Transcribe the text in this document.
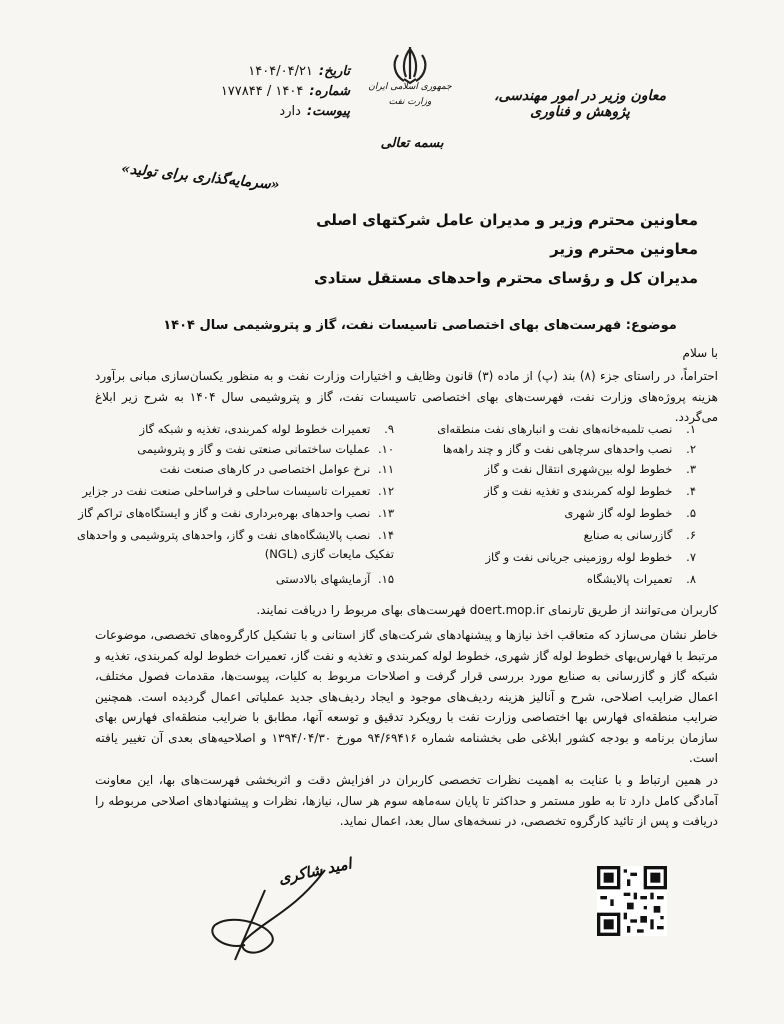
جمهوری اسلامی ایران
وزارت نفت
بسمه تعالی
تاریخ:
۱۴۰۴/۰۴/۲۱
شماره:
۱۴۰۴ / ۱۷۷۸۴۴
پیوست:
دارد
معاون وزیر در امور مهندسی، پژوهش و فناوری
«سرمایه‌گذاری برای تولید»
معاونین محترم وزیر و مدیران عامل شرکتهای اصلی
معاونین محترم وزیر
مدیران کل و رؤسای محترم واحدهای مستقل ستادی
موضوع: فهرست‌های بهای اختصاصی تاسیسات نفت، گاز و پتروشیمی سال ۱۴۰۴
با سلام
احتراماً، در راستای جزء (۸) بند (پ) از ماده (۳) قانون وظایف و اختیارات وزارت نفت و به منظور یکسان‌سازی مبانی برآورد هزینه پروژه‌های وزارت نفت، فهرست‌های بهای اختصاصی تاسیسات نفت، گاز و پتروشیمی سال ۱۴۰۴ به شرح زیر ابلاغ می‌گردد.
۱. نصب تلمبه‌خانه‌های نفت و انبارهای نفت منطقه‌ای
۲. نصب واحدهای سرچاهی نفت و گاز و چند راهه‌ها
۳. خطوط لوله بین‌شهری انتقال نفت و گاز
۴. خطوط لوله کمربندی و تغذیه نفت و گاز
۵. خطوط لوله گاز شهری
۶. گازرسانی به صنایع
۷. خطوط لوله روزمینی جریانی نفت و گاز
۸. تعمیرات پالایشگاه
۹. تعمیرات خطوط لوله کمربندی، تغذیه و شبکه گاز
۱۰. عملیات ساختمانی صنعتی نفت و گاز و پتروشیمی
۱۱. نرخ عوامل اختصاصی در کارهای صنعت نفت
۱۲. تعمیرات تاسیسات ساحلی و فراساحلی صنعت نفت در جزایر
۱۳. نصب واحدهای بهره‌برداری نفت و گاز و ایستگاه‌های تراکم گاز
۱۴. نصب پالایشگاه‌های نفت و گاز، واحدهای پتروشیمی و واحدهای تفکیک مایعات گازی (NGL)
۱۵. آزمایشهای بالادستی
کاربران می‌توانند از طریق تارنمای doert.mop.ir فهرست‌های بهای مربوط را دریافت نمایند.
خاطر نشان می‌سازد که متعاقب اخذ نیازها و پیشنهادهای شرکت‌های گاز استانی و با تشکیل کارگروه‌های تخصصی، موضوعات مرتبط با فهارس‌بهای خطوط لوله گاز شهری، خطوط لوله کمربندی و تغذیه و نفت گاز، تعمیرات خطوط لوله کمربندی، تغذیه و شبکه گاز و گازرسانی به صنایع مورد بررسی قرار گرفت و اصلاحات مربوط به کلیات، پیوست‌ها، مقدمات فصول مختلف، اعمال ضرایب اصلاحی، شرح و آنالیز هزینه ردیف‌های موجود و ایجاد ردیف‌های جدید عملیاتی اعمال گردیده است. همچنین ضرایب منطقه‌ای فهارس بها اختصاصی وزارت نفت با رویکرد تدقیق و توسعه آنها، مطابق با ضرایب منطقه‌ای فهارس بهای سازمان برنامه و بودجه کشور ابلاغی طی بخشنامه شماره ۹۴/۶۹۴۱۶ مورخ ۱۳۹۴/۰۴/۳۰ و اصلاحیه‌های بعدی آن تغییر یافته است.
در همین ارتباط و با عنایت به اهمیت نظرات تخصصی کاربران در افزایش دقت و اثربخشی فهرست‌های بها، این معاونت آمادگی کامل دارد تا به طور مستمر و حداکثر تا پایان سه‌ماهه سوم هر سال، نیازها، نظرات و پیشنهادهای اصلاحی مربوطه را دریافت و پس از تائید کارگروه تخصصی، در نسخه‌های سال بعد، اعمال نماید.
امید شاکری
